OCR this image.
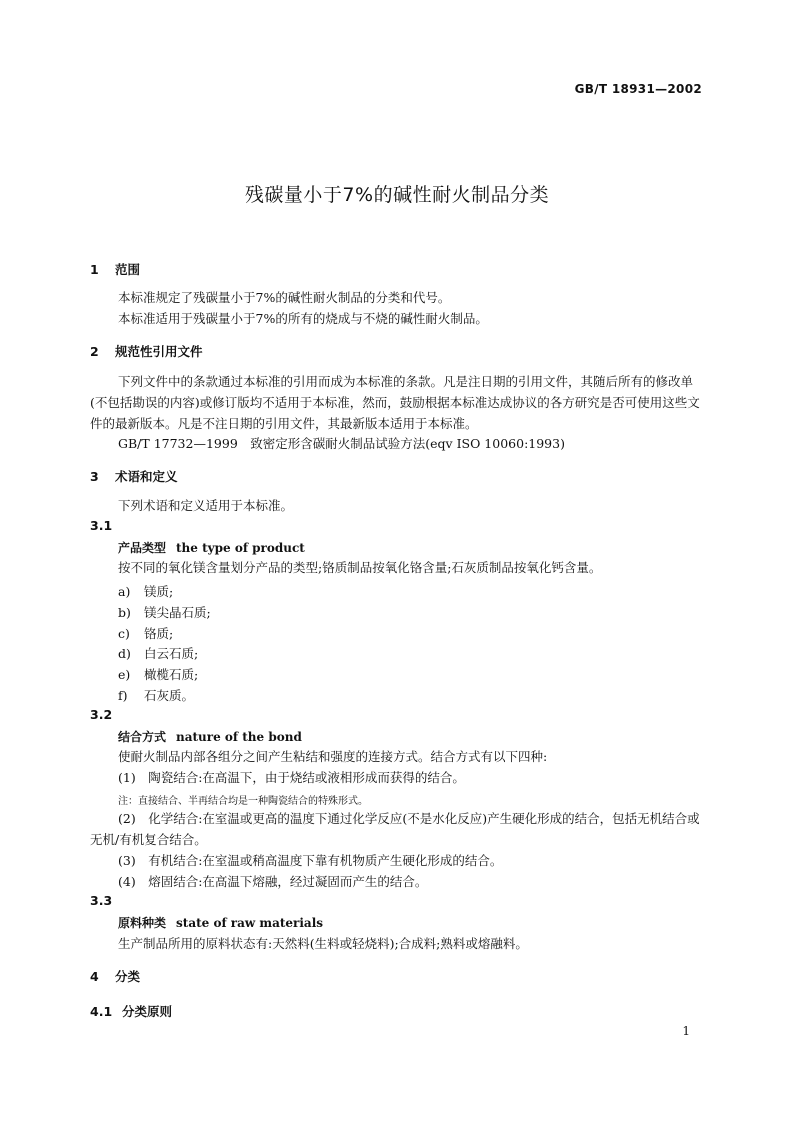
GB/T 18931—2002
残碳量小于7%的碱性耐火制品分类
1 范围
本标准规定了残碳量小于7%的碱性耐火制品的分类和代号。
本标准适用于残碳量小于7%的所有的烧成与不烧的碱性耐火制品。
2 规范性引用文件
下列文件中的条款通过本标准的引用而成为本标准的条款。凡是注日期的引用文件，其随后所有的修改单(不包括勘误的内容)或修订版均不适用于本标准，然而，鼓励根据本标准达成协议的各方研究是否可使用这些文件的最新版本。凡是不注日期的引用文件，其最新版本适用于本标准。
GB/T 17732—1999　致密定形含碳耐火制品试验方法(eqv ISO 10060:1993)
3 术语和定义
下列术语和定义适用于本标准。
3.1
产品类型 the type of product
按不同的氧化镁含量划分产品的类型;铬质制品按氧化铬含量;石灰质制品按氧化钙含量。
a) 镁质;
b) 镁尖晶石质;
c) 铬质;
d) 白云石质;
e) 橄榄石质;
f) 石灰质。
3.2
结合方式 nature of the bond
使耐火制品内部各组分之间产生粘结和强度的连接方式。结合方式有以下四种:
(1)　陶瓷结合:在高温下，由于烧结或液相形成而获得的结合。
注：直接结合、半再结合均是一种陶瓷结合的特殊形式。
(2)　化学结合:在室温或更高的温度下通过化学反应(不是水化反应)产生硬化形成的结合，包括无机结合或无机/有机复合结合。
(3)　有机结合:在室温或稍高温度下靠有机物质产生硬化形成的结合。
(4)　熔固结合:在高温下熔融，经过凝固而产生的结合。
3.3
原料种类 state of raw materials
生产制品所用的原料状态有:天然料(生料或轻烧料);合成料;熟料或熔融料。
4 分类
4.1 分类原则
1
